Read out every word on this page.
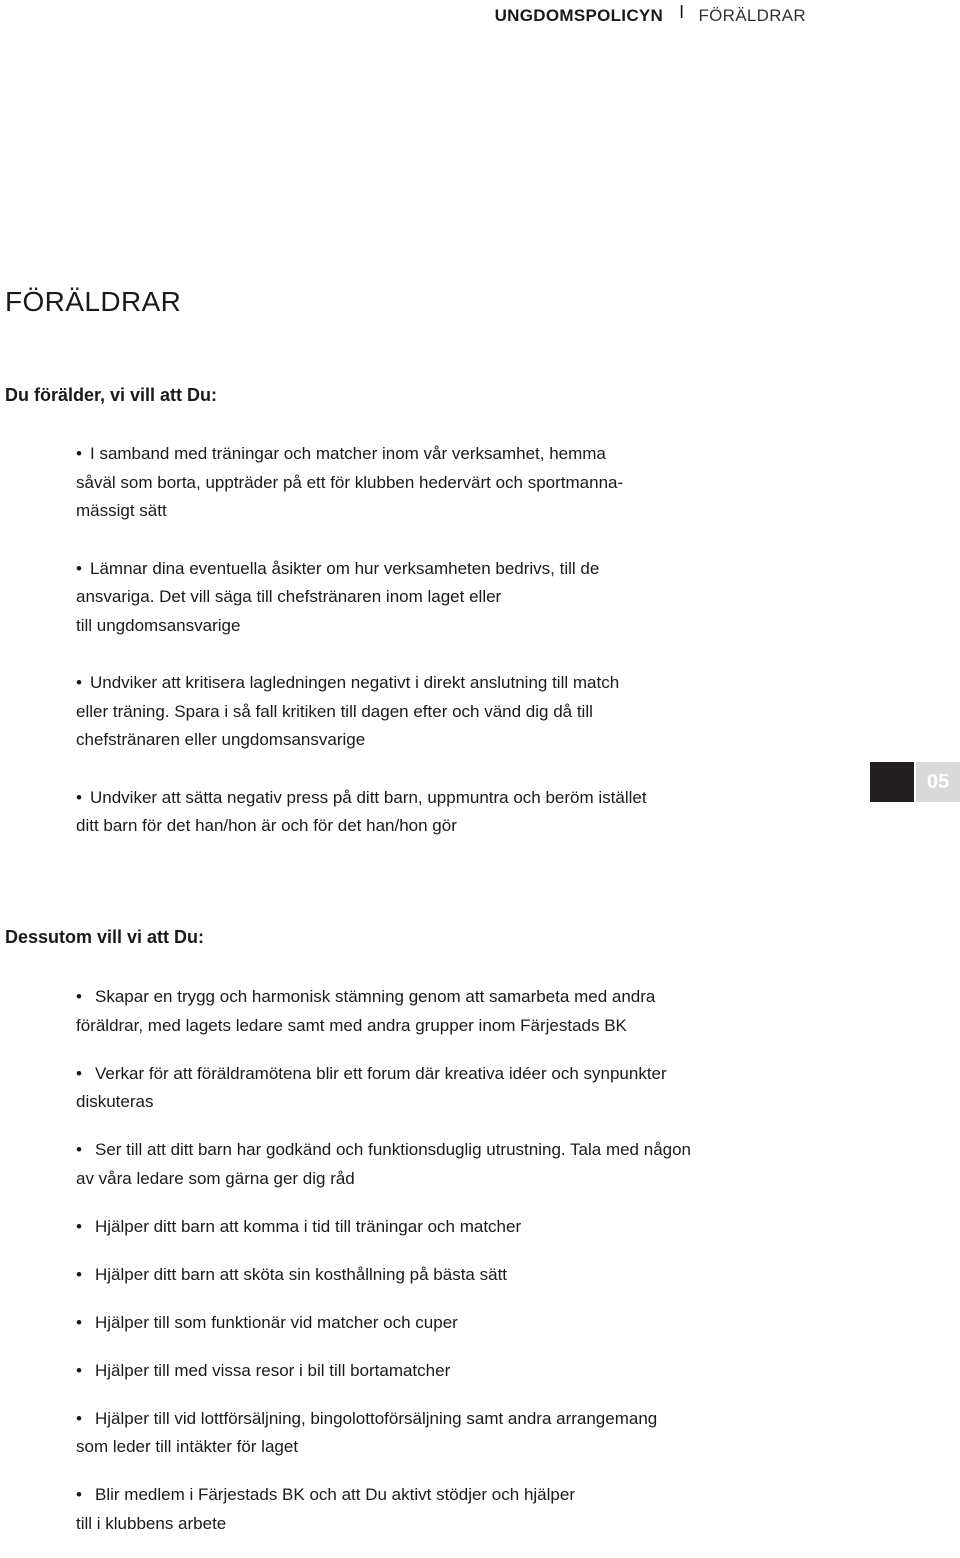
UNGDOMSPOLICYN I FÖRÄLDRAR
FÖRÄLDRAR
Du förälder, vi vill att Du:
• I samband med träningar och matcher inom vår verksamhet, hemma
såväl som borta, uppträder på ett för klubben hedervärt och sportmanna-
mässigt sätt
• Lämnar dina eventuella åsikter om hur verksamheten bedrivs, till de
ansvariga. Det vill säga till chefstränaren inom laget eller
till ungdomsansvarige
• Undviker att kritisera lagledningen negativt i direkt anslutning till match
eller träning. Spara i så fall kritiken till dagen efter och vänd dig då till
chefstränaren eller ungdomsansvarige
• Undviker att sätta negativ press på ditt barn, uppmuntra och beröm istället
ditt barn för det han/hon är och för det han/hon gör
05
Dessutom vill vi att Du:
• Skapar en trygg och harmonisk stämning genom att samarbeta med andra
föräldrar, med lagets ledare samt med andra grupper inom Färjestads BK
• Verkar för att föräldramötena blir ett forum där kreativa idéer och synpunkter
diskuteras
• Ser till att ditt barn har godkänd och funktionsduglig utrustning. Tala med någon
av våra ledare som gärna ger dig råd
• Hjälper ditt barn att komma i tid till träningar och matcher
• Hjälper ditt barn att sköta sin kosthållning på bästa sätt
• Hjälper till som funktionär vid matcher och cuper
• Hjälper till med vissa resor i bil till bortamatcher
• Hjälper till vid lottförsäljning, bingolottoförsäljning samt andra arrangemang
som leder till intäkter för laget
• Blir medlem i Färjestads BK och att Du aktivt stödjer och hjälper
till i klubbens arbete
